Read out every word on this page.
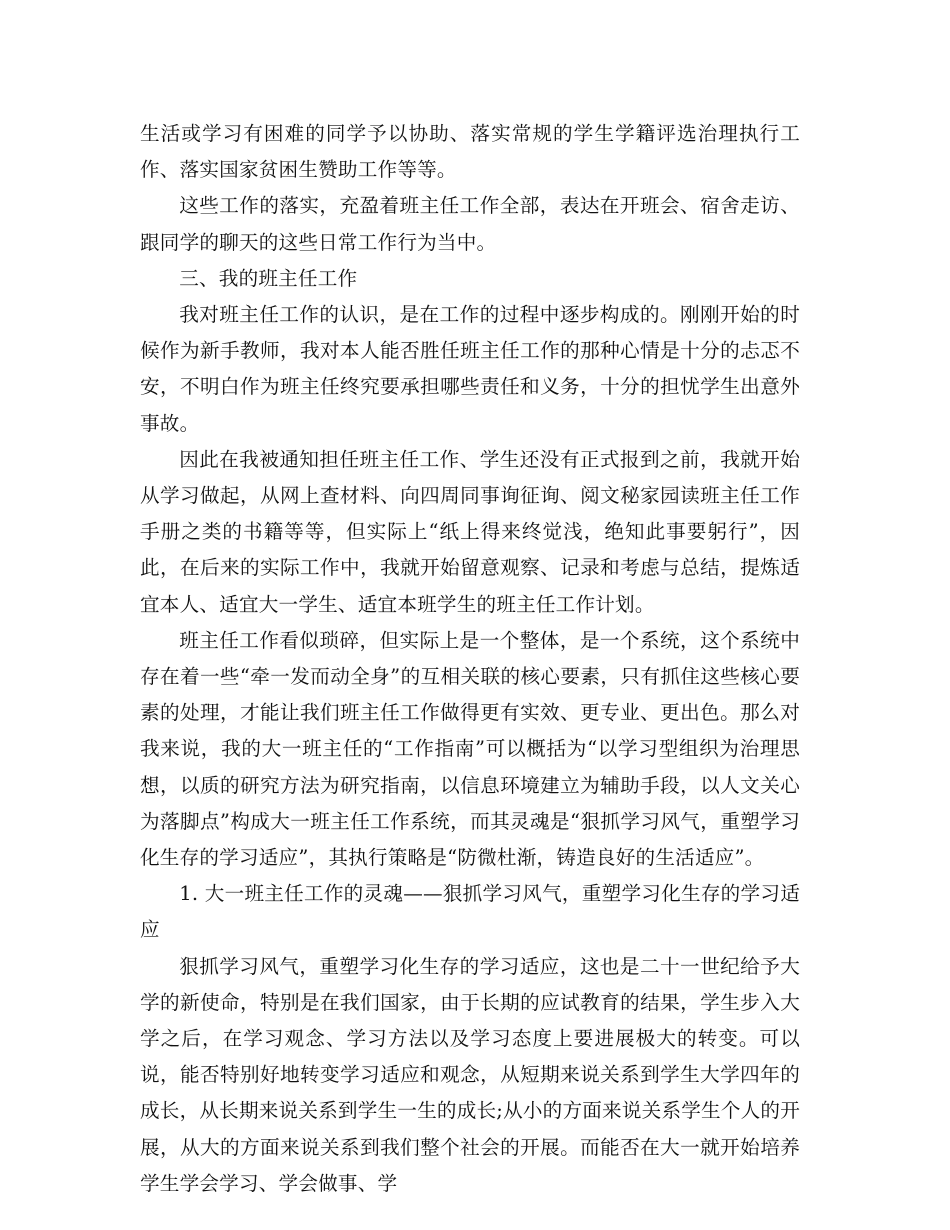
生活或学习有困难的同学予以协助、落实常规的学生学籍评选治理执行工作、落实国家贫困生赞助工作等等。

这些工作的落实，充盈着班主任工作全部，表达在开班会、宿舍走访、跟同学的聊天的这些日常工作行为当中。

三、我的班主任工作

我对班主任工作的认识，是在工作的过程中逐步构成的。刚刚开始的时候作为新手教师，我对本人能否胜任班主任工作的那种心情是十分的忐忑不安，不明白作为班主任终究要承担哪些责任和义务，十分的担忧学生出意外事故。

因此在我被通知担任班主任工作、学生还没有正式报到之前，我就开始从学习做起，从网上查材料、向四周同事询征询、阅文秘家园读班主任工作手册之类的书籍等等，但实际上“纸上得来终觉浅，绝知此事要躬行”，因此，在后来的实际工作中，我就开始留意观察、记录和考虑与总结，提炼适宜本人、适宜大一学生、适宜本班学生的班主任工作计划。

班主任工作看似琐碎，但实际上是一个整体，是一个系统，这个系统中存在着一些“牵一发而动全身”的互相关联的核心要素，只有抓住这些核心要素的处理，才能让我们班主任工作做得更有实效、更专业、更出色。那么对我来说，我的大一班主任的“工作指南”可以概括为“以学习型组织为治理思想，以质的研究方法为研究指南，以信息环境建立为辅助手段，以人文关心为落脚点”构成大一班主任工作系统，而其灵魂是“狠抓学习风气，重塑学习化生存的学习适应”，其执行策略是“防微杜渐，铸造良好的生活适应”。

1. 大一班主任工作的灵魂——狠抓学习风气，重塑学习化生存的学习适应

狠抓学习风气，重塑学习化生存的学习适应，这也是二十一世纪给予大学的新使命，特别是在我们国家，由于长期的应试教育的结果，学生步入大学之后，在学习观念、学习方法以及学习态度上要进展极大的转变。可以说，能否特别好地转变学习适应和观念，从短期来说关系到学生大学四年的成长，从长期来说关系到学生一生的成长;从小的方面来说关系学生个人的开展，从大的方面来说关系到我们整个社会的开展。而能否在大一就开始培养学生学会学习、学会做事、学
